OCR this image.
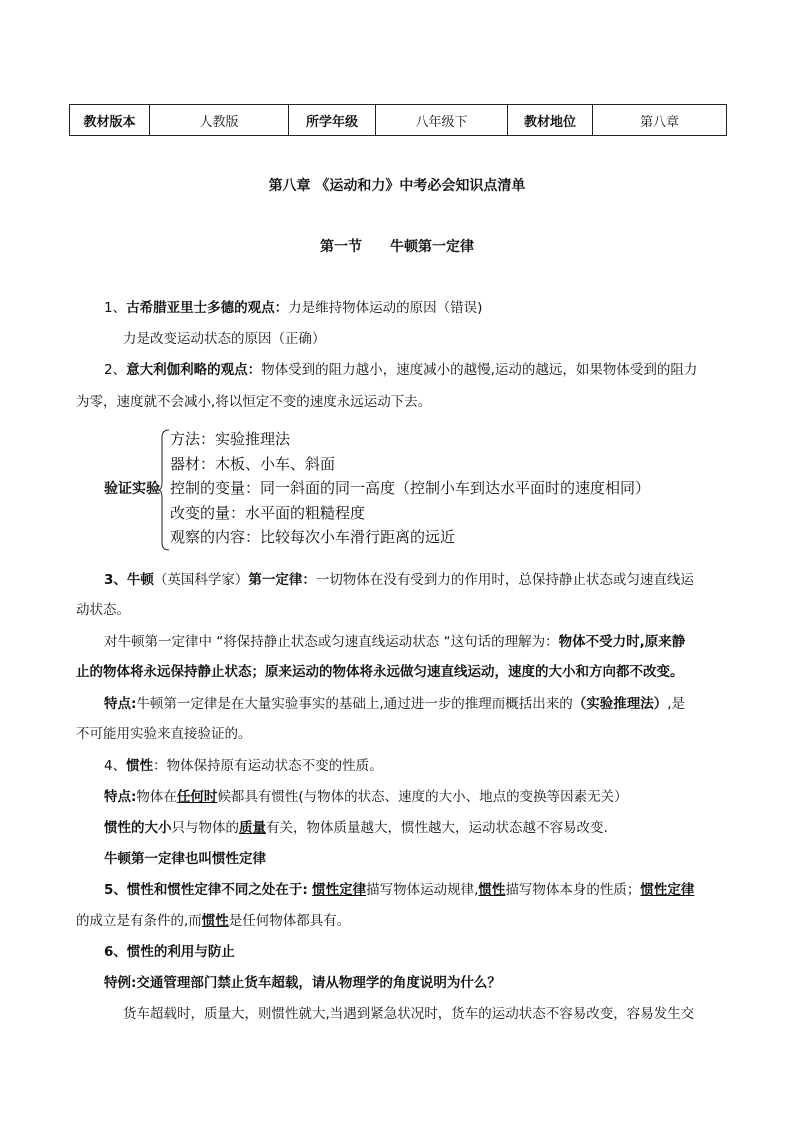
教材版本	人教版	所学年级	八年级下	教材地位	第八章
第八章 《运动和力》中考必会知识点清单
第一节　　牛顿第一定律
1、古希腊亚里士多德的观点：力是维持物体运动的原因（错误)
力是改变运动状态的原因（正确）
2、意大利伽利略的观点：物体受到的阻力越小，速度减小的越慢,运动的越远，如果物体受到的阻力
为零，速度就不会减小,将以恒定不变的速度永远运动下去。
验证实验
方法：实验推理法
器材：木板、小车、斜面
控制的变量：同一斜面的同一高度（控制小车到达水平面时的速度相同）
改变的量：水平面的粗糙程度
观察的内容：比较每次小车滑行距离的远近
3、牛顿（英国科学家）第一定律：一切物体在没有受到力的作用时，总保持静止状态或匀速直线运
动状态。
对牛顿第一定律中 “将保持静止状态或匀速直线运动状态 “这句话的理解为：物体不受力时,原来静
止的物体将永远保持静止状态；原来运动的物体将永远做匀速直线运动，速度的大小和方向都不改变。
特点:牛顿第一定律是在大量实验事实的基础上,通过进一步的推理而概括出来的（实验推理法）,是
不可能用实验来直接验证的。
4、惯性：物体保持原有运动状态不变的性质。
特点:物体在任何时候都具有惯性(与物体的状态、速度的大小、地点的变换等因素无关）
惯性的大小只与物体的质量有关，物体质量越大，惯性越大，运动状态越不容易改变.
牛顿第一定律也叫惯性定律
5、惯性和惯性定律不同之处在于: 惯性定律描写物体运动规律,惯性描写物体本身的性质；惯性定律
的成立是有条件的,而惯性是任何物体都具有。
6、惯性的利用与防止
特例:交通管理部门禁止货车超载，请从物理学的角度说明为什么？
货车超载时，质量大，则惯性就大,当遇到紧急状况时，货车的运动状态不容易改变，容易发生交
